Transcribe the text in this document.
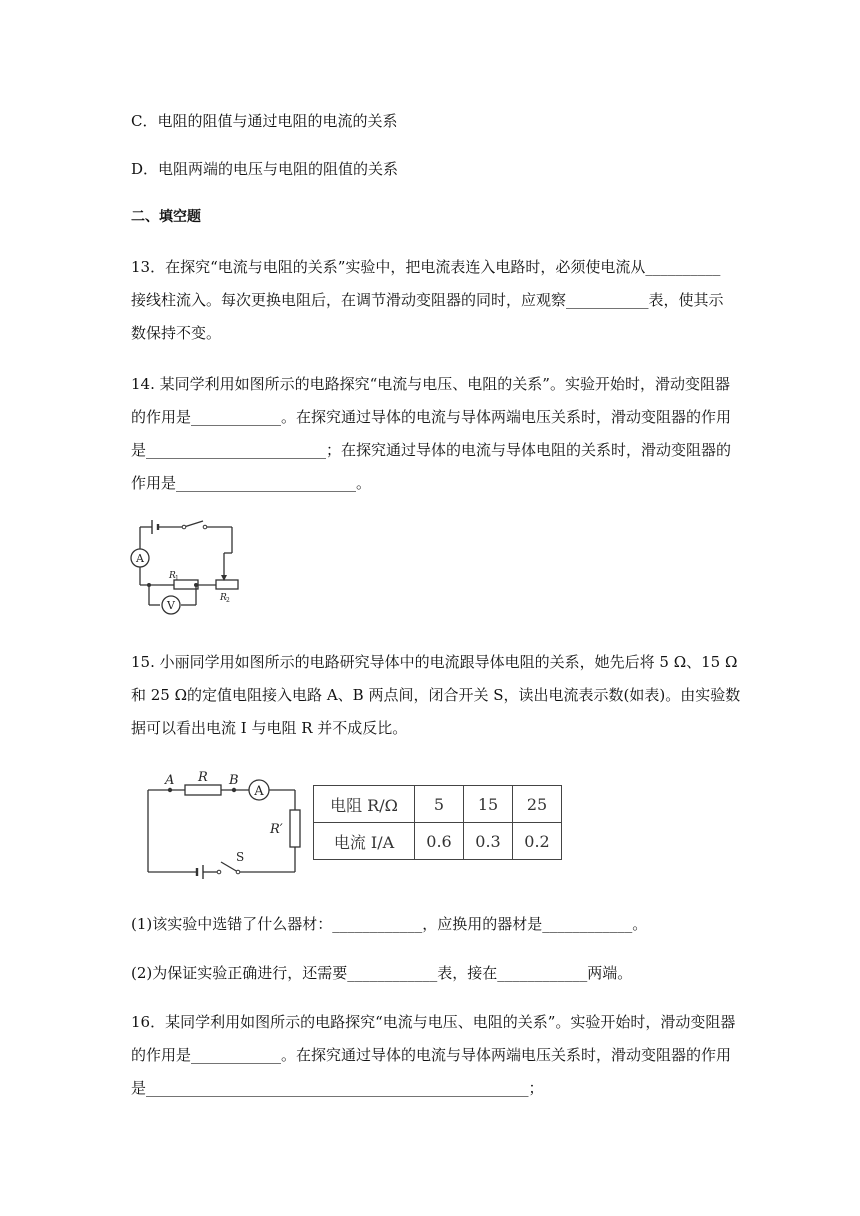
C．电阻的阻值与通过电阻的电流的关系
D．电阻两端的电压与电阻的阻值的关系
二、填空题
13．在探究“电流与电阻的关系”实验中，把电流表连入电路时，必须使电流从__________
接线柱流入。每次更换电阻后，在调节滑动变阻器的同时，应观察___________表，使其示
数保持不变。
14. 某同学利用如图所示的电路探究“电流与电压、电阻的关系”。实验开始时，滑动变阻器
的作用是____________。在探究通过导体的电流与导体两端电压关系时，滑动变阻器的作用
是________________________；在探究通过导体的电流与导体电阻的关系时，滑动变阻器的
作用是________________________。
A
V
R 1
R 2
15. 小丽同学用如图所示的电路研究导体中的电流跟导体电阻的关系，她先后将 5 Ω、15 Ω
和 25 Ω的定值电阻接入电路 A、B 两点间，闭合开关 S，读出电流表示数(如表)。由实验数
据可以看出电流 I 与电阻 R 并不成反比。
A
A R B
R′
S
电阻 R/Ω	5	15	25
电流 I/A	0.6	0.3	0.2
(1)该实验中选错了什么器材：____________，应换用的器材是____________。
(2)为保证实验正确进行，还需要____________表，接在____________两端。
16．某同学利用如图所示的电路探究“电流与电压、电阻的关系”。实验开始时，滑动变阻器
的作用是____________。在探究通过导体的电流与导体两端电压关系时，滑动变阻器的作用
是___________________________________________________；
